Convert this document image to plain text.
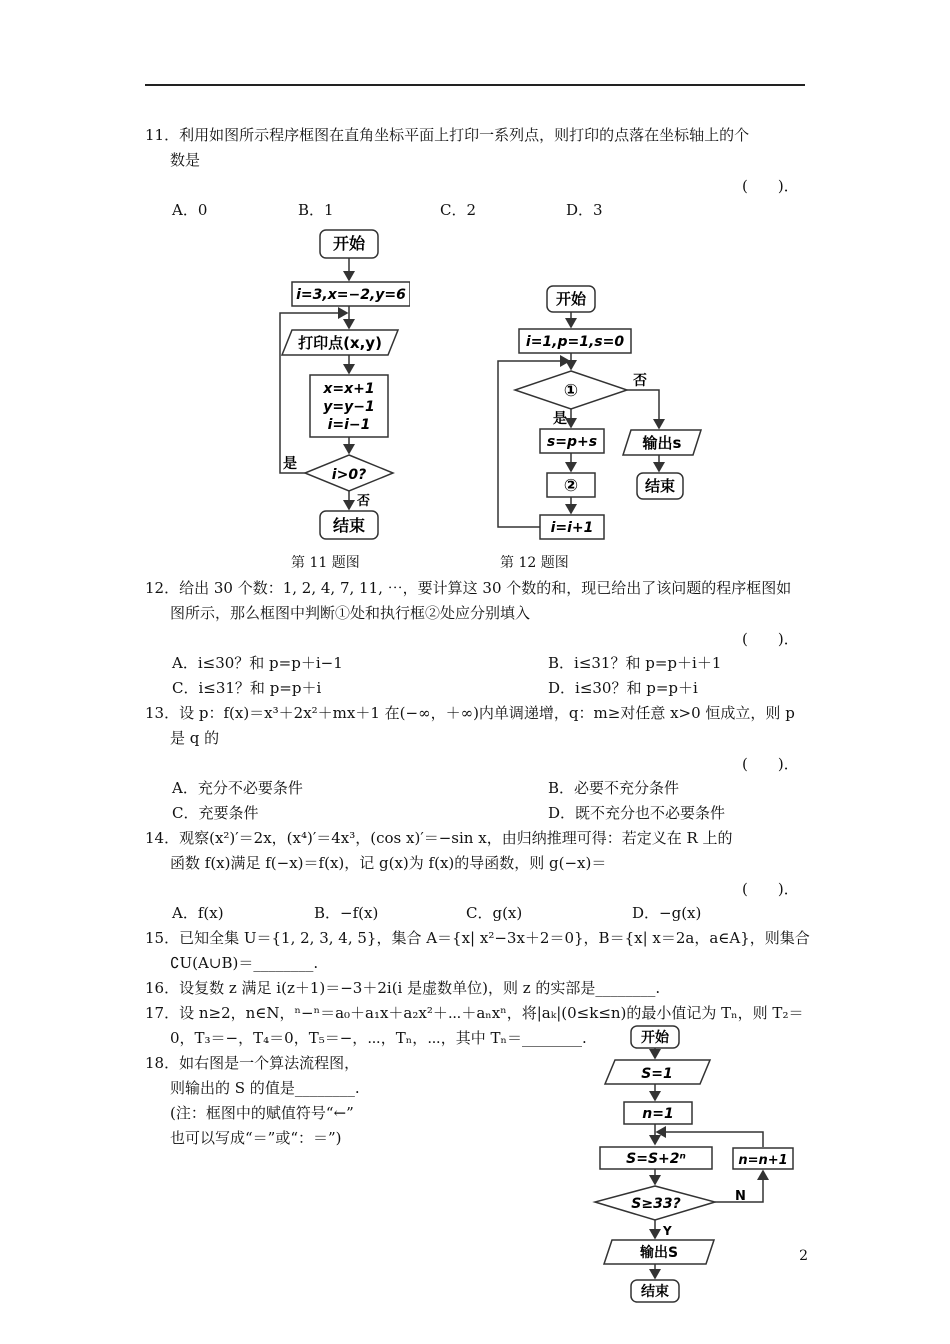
11．利用如图所示程序框图在直角坐标平面上打印一系列点，则打印的点落在坐标轴上的个
数是
(　　)．
A．0	B．1	C．2	D．3
开始
i=3,x=−2,y=6
打印点(x,y)
x=x+1
y=y−1
i=i−1
i>0?
是
否
结束
第 11 题图
开始
i=1,p=1,s=0
①	否
是
s=p+s
②
i=i+1
输出s
结束
第 12 题图
12．给出 30 个数：1, 2, 4, 7, 11, ⋯，要计算这 30 个数的和，现已给出了该问题的程序框图如
图所示，那么框图中判断①处和执行框②处应分别填入
(　　)．
A．i≤30？和 p=p＋i−1	B．i≤31？和 p=p＋i＋1
C．i≤31？和 p=p＋i	D．i≤30？和 p=p＋i
13．设 p：f(x)＝x³＋2x²＋mx＋1 在(−∞，＋∞)内单调递增，q：m≥对任意 x>0 恒成立，则 p
是 q 的
(　　)．
A．充分不必要条件	B．必要不充分条件
C．充要条件	D．既不充分也不必要条件
14．观察(x²)′＝2x，(x⁴)′＝4x³，(cos x)′＝−sin x，由归纳推理可得：若定义在 R 上的
函数 f(x)满足 f(−x)＝f(x)，记 g(x)为 f(x)的导函数，则 g(−x)＝
(　　)．
A．f(x)	B．−f(x)	C．g(x)	D．−g(x)
15．已知全集 U＝{1, 2, 3, 4, 5}，集合 A＝{x| x²−3x＋2＝0}，B＝{x| x＝2a，a∈A}，则集合
∁U(A∪B)＝________.
16．设复数 z 满足 i(z＋1)＝−3＋2i(i 是虚数单位)，则 z 的实部是________.
17．设 n≥2，n∈N，ⁿ−ⁿ＝a₀＋a₁x＋a₂x²＋⋯＋aₙxⁿ，将|aₖ|(0≤k≤n)的最小值记为 Tₙ，则 T₂＝
0，T₃＝−，T₄＝0，T₅＝−，⋯，Tₙ，⋯，其中 Tₙ＝________.
18．如右图是一个算法流程图，
则输出的 S 的值是________.
(注：框图中的赋值符号“←”
也可以写成“＝”或“：＝”)
开始
S=1
n=1
S=S+2ⁿ	n=n+1
S≥33?	N
Y
输出S
结束
2
